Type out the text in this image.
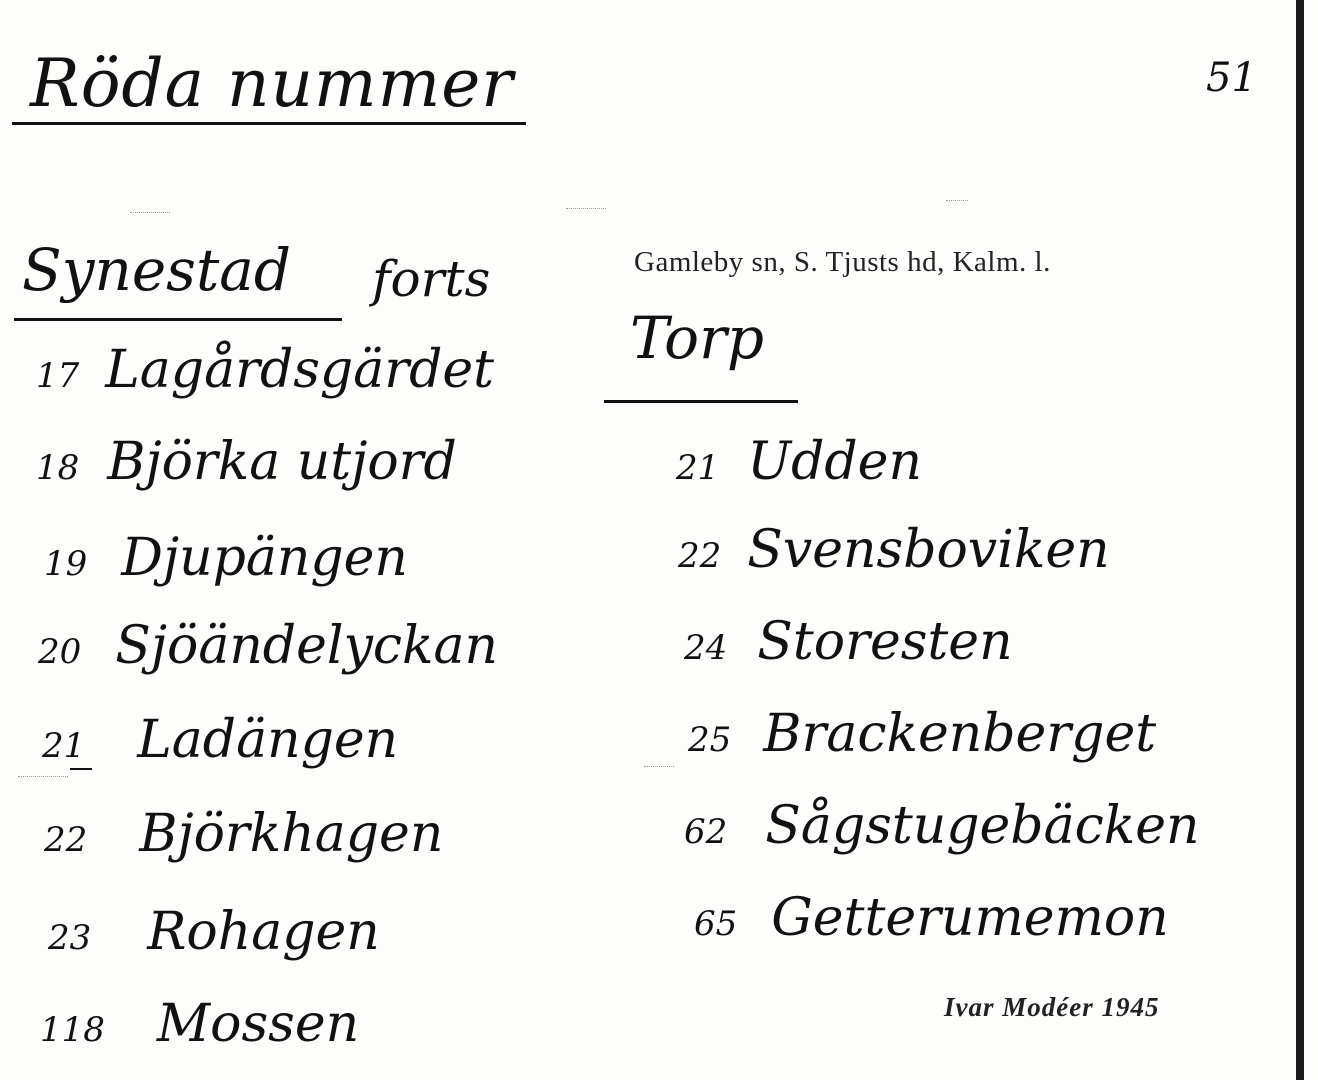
Röda nummer	51
Synestad forts	Gamleby sn, S. Tjusts hd, Kalm. l.
Torp
17 Lagårdsgärdet
18 Björka utjord
19 Djupängen
20 Sjöändelyckan
21 Ladängen
22 Björkhagen
23 Rohagen
118 Mossen
21 Udden
22 Svensboviken
24 Storesten
25 Brackenberget
62 Sågstugebäcken
65 Getterumemon
Ivar Modéer 1945
